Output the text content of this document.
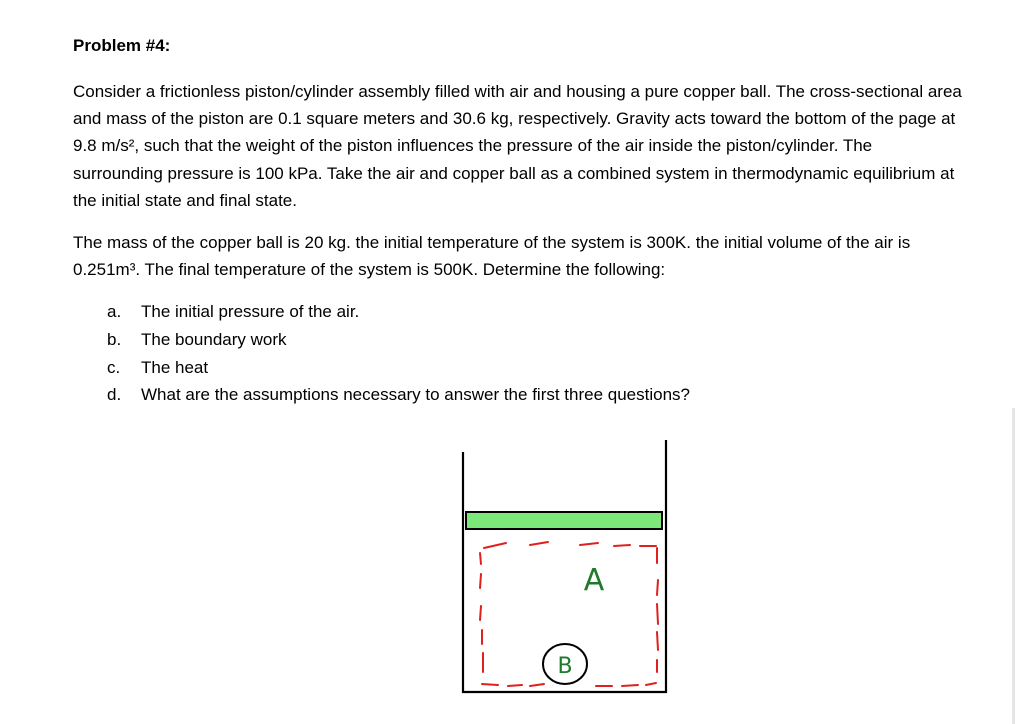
Problem #4:

Consider a frictionless piston/cylinder assembly filled with air and housing a pure copper ball. The cross-sectional area and mass of the piston are 0.1 square meters and 30.6 kg, respectively. Gravity acts toward the bottom of the page at 9.8 m/s², such that the weight of the piston influences the pressure of the air inside the piston/cylinder. The surrounding pressure is 100 kPa. Take the air and copper ball as a combined system in thermodynamic equilibrium at the initial state and final state.

The mass of the copper ball is 20 kg. the initial temperature of the system is 300K. the initial volume of the air is 0.251m³. The final temperature of the system is 500K. Determine the following:

a.	The initial pressure of the air.
b.	The boundary work
c.	The heat
d.	What are the assumptions necessary to answer the first three questions?
A
B
